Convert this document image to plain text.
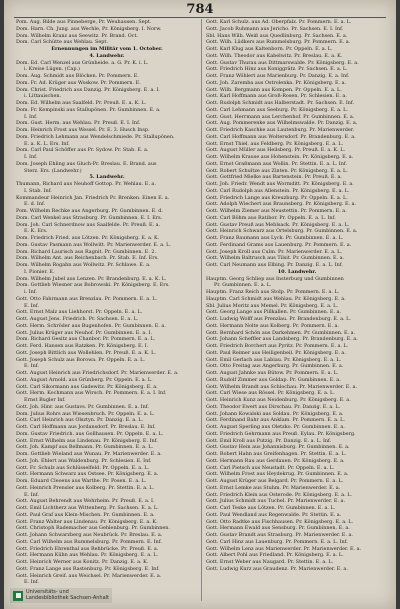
784
Pom. Aug. Bilde aus Pinneberge, Pr. Weuhausen. Sept.
Dom. Harn. Ch. Jung. aus Wechle, Pr. Königsberg. I. Norw.
Dom. Wilhelm Kranz aus Seewitz. Pr. Brand. Oct.
Dom. Carl Schütte aus Wehlau. Sept.
Ernennungen im Militär vom 1. October.
4. Landwehr.
Dom. Ed. Carl Wenzel aus Grünheide. a. G. Pr. K. i. L.
i. Kreise Lügen. (Cap.)
Dom. Aug. Schmidt aus Blöcken. Pr. Pommern. E.
Dom. Fr. Ad. Krüger aus Woskow. Pr. Pommern. E.
Dom. Christ. Friedrich aus Danzig. Pr. Königsberg. E. a. I.
i. Littauischen.
Dom. Ed. Wilhelm aus Saalfeld. Pr. Preuß. E. a. K. L.
Dom. Fr. Kempinski aus Stallupönen. Pr. Gumbinnen. E. a.
I. Inf.
Dom. Gust. Herm. aus Wehlau. Pr. Preuß. E. I. Inf.
Dom. Heinrich Frost aus Wessel. Pr. E. 3. Husch Insp.
Dom. Friedrich Lehmann aus Wendelschmiede. Pr. Stallupönen.
E. a. K. L. Ers. Inf.
Dom. Carl Paul Schöffer aus Pr. Sydow. Pr. Stab. E. a.
I. Inf.
Dom. Joseph Ehling aus Gluch-Pr. Breslau. E. Brand. aus
Sterz. Ers. (Landwehr.)
5. Landwehr.
Thumann, Richard aus Neuhoff Gottop. Pr. Wehlau. E. a.
I. Stab. Inf.
Kommandeur Heinrich Jan. Friedrich Pr. Brenken. Einen E. a.
E. d. Inf.
Pom. Wilhelm Rechke aus Angerburg. Pr. Gumbinnen. E. d.
Dom. Carl Wenkel aus Strasburg. Pr. Gumbinnen. E. I. Ers.
Dom. Joh. Carl Schnerdnow aus Saalfelde. Pr. Preuß. E. a.
E. K. Ers.
Dom. Friedrich Fried. aus Lötzen. Pr. Königsberg. E. a. K.
Dom. Gustav Pasmann aus Wollwitt. Pr. Marienwerder. E. a. L.
Dom. Richard Laurisch aus Ragnit. Pr. Gumbinnen. E. 2.
Dom. Wilhelm Ant. aus Reichenbach. Pr. Stab. E. Inf. Ers.
Dom. Wilhelm Rogahn aus Wollwitz. Pr. Schlawe. E. a.
I. Pionier. E.
Dom. Wilhelm Jubel aus Lenzen. Pr. Brandenburg. E. a. K. L.
Dom. Gottlieb Wiesner aus Bobrowski. Pr. Königsberg. E. Ers.
i. Inf.
Gott. Otto Fahrmann aus Brenzlau. Pr. Pommern. E. a. L.
E. Inf.
Gott. Ernst Malz aus Liehhorst. Pr. Oppeln. E. a. L.
Gott. August Jens. Friedrich. Pr. Sachsen. E. a. L.
Gott. Herm. Schröder aus Bugenhofen. Pr. Gumbinnen. E. a.
Gott. Julius Krüger aus Neuhof. Pr. Gumbinnen. E. a. I.
Dom. Richard Gesitz aus Chanbor. Pr. Pommern. E. a. L.
Gott. Ferd. Hansen aus Ratzken. Pr. Königsberg. E. I.
Gott. Joseph Bittlich aus Wollehlen. Pr. Preuß. E. a. K. L.
Gott. Joseph Schulz aus Borowa. Pr. Oppeln. E. a. L.
E. Inf.
Gott. August Heinrich aus Friedrichsdorf. Pr. Marienwerder. E. a.
Gott. August Arnold. aus Grünberg. Pr. Oppeln. E. a. L.
Gott. Carl Sikormann aus Gadewitz. Pr. Königsberg. E. a.
Gott. Herm. Kochmann aus Wirsch. Pr. Pommern. E. a. I. Inf.
Ernst Bugler Inf.
Gott. Joh. Hinr. aus Gustavs. Pr. Gumbinnen. E. a. Inf.
Dom. Julius Rohrs aus Wiesenbruch. Pr. Oppeln. E. a. L.
Gott. Carl Heinrich aus Olsztyn. Pr. Danzig. E. a. L.
Gott. Carl Hoffmann aus Jordansdorf. Pr. Breslau. E. Inf.
Dom. Gustav Friedrich. aus Gollhausen. Pr. Oppeln. E. a. L.
Gott. Ernst Wilhelm aus Lindenau. Pr. Königsberg. E. Inf.
Gott. Joh. Kampf aus Bellmann. Pr. Gumbinnen. E. a. L.
Dom. Gottlieb Wieland aus Wunau. Pr. Marienwerder. E. a.
Gott. Joh. Ehlert aus Waldenburg. Pr. Schlesien. E. Inf.
Gott. Fr. Schulz aus Schlüsselfeld. Pr. Oppeln. E. a. L.
Gott. Hermann Schwarz aus Ostsee. Pr. Königsberg. E. a.
Dom. Eduard Cleoens aus Warthe. Pr. Posen. E. a. L.
Gott. Heinrich Prensler aus Kolberg. Pr. Stettin. E. a. L.
E. Inf.
Gott. August Behrendt aus Wehrheim. Pr. Preuß. E. a. I.
Gott. Emil Lichtherz aus Wittenberg. Pr. Sachsen. E. a. L.
Gott. Paul Graf aus Klein-Mischen. Pr. Gumbinnen. E. a.
Gott. Franz Walter aus Lindenau. Pr. Königsberg. E. a. K.
Gott. Christoph Rademacher aus Gehlenburg. Pr. Gumbinnen.
Gott. Johann Schwarzberg aus Neubrück. Pr. Breslau. E. a.
Gott. Carl Wilhelm aus Rummelsburg. Pr. Pommern. E. Inf.
Gott. Friedrich Ehrenthal aus Rehbrücke. Pr. Preuß. E. a.
Gott. Hermann Kühn aus Wehlau. Pr. Königsberg. E. a. L.
Gott. Heinrich Werner aus Konitz. Pr. Danzig. E. a. K.
Gott. Franz Lange aus Rastenburg. Pr. Königsberg. E. Inf.
Gott. Heinrich Greif. aus Weichsel. Pr. Marienwerder. E. a.
E. Inf.
Gott. Karl Schulz. aus Ad. Oberpfalz. Pr. Pommern. E. a. L.
Gott. Jacob Ruhmann aus Jericho. Pr. Sachsen. E. I. Inf.
Sbl. Hans Wilh. Weiß aus Quedlinburg. Pr. Sachsen. E. a.
Gott. Wilh. Lüdkers aus Rummelsburg. Pr. Pommern. E. a.
Gott. Karl Klug aus Kaltenborn. Pr. Oppeln. E. a. L.
Gott. Wilh. Theodor aus Kabelwitz. Pr. Breslau. E. a. K.
Gott. Gustav Thurau aus Dittmarswalde. Pr. Königsberg. E. a.
Gott. Friedrich Hinz aus Koniggrätz. Pr. Sachsen. E. a. L.
Gott. Franz Wöhlert aus Marienburg. Pr. Danzig. E. a. Inf.
Gott. Joh. Zaremba aus Ostrolenka. Pr. Königsberg. E. a.
Gott. Wilh. Bergmann aus Kompen. Pr. Oppeln. E. a. L.
Gott. Karl Hoffmann aus Groß-Rosen. Pr. Schlesien. E. a.
Gott. Rudolph Schmidt aus Halberstadt. Pr. Sachsen. E. Inf.
Gott. Carl Lehmann aus Seeburg. Pr. Königsberg. E. a. L.
Gott. Gust. Herrmann aus Lerchenhof. Pr. Gumbinnen. E. a.
Gott. Aug. Pommerenke aus Wilhelmswalde. Pr. Danzig. E. a.
Gott. Friedrich Kaschke aus Lautenburg. Pr. Marienwerder.
Gott. Carl Hoffmann aus Woltersdorf. Pr. Brandenburg. E. a.
Gott. Ernst Thiel. aus Feldberg. Pr. Königsberg. E. a. L.
Gott. August Müller aus Heilsberg. Pr. Preuß. E. a. K. L.
Gott. Wilhelm Krause aus Hohenstein. Pr. Königsberg. E. a.
Gott. Ernst Graßmann aus Wollin. Pr. Stettin. E. a. L. Inf.
Gott. Robert Schultze aus Zinten. Pr. Königsberg. E. a. L.
Gott. Gottfried Mielke aus Bartenstein. Pr. Preuß. E. a.
Gott. Joh. Friedr. Wendt aus Wormditt. Pr. Königsberg. E. a.
Gott. Carl Rudolph aus Allenstein. Pr. Königsberg. E. a. L.
Gott. Friedrich Lange aus Kreuzburg. Pr. Oppeln. E. a. L.
Gott. Adolph Wiechert aus Braunsberg. Pr. Königsberg. E. a.
Gott. Wilhelm Ziemer aus Neustettin. Pr. Pommern. E. a.
Gott. Carl Böhm aus Ratibor. Pr. Oppeln. E. a. L. Inf.
Gott. Gustav Preuß aus Mehlsack. Pr. Königsberg. E. a. L.
Gott. Heinrich Schwarz aus Ortelsburg. Pr. Gumbinnen. E. a.
Gott. Franz Baumann aus Lyck. Pr. Gumbinnen. E. a. L.
Gott. Ferdinand Grams aus Lauenburg. Pr. Pommern. E. a.
Gott. Joseph Kroll aus Culm. Pr. Marienwerder. E. a. L.
Gott. Wilhelm Baltrusch aus Tilsit. Pr. Gumbinnen. E. a.
Gott. Carl Neumann aus Elbing. Pr. Danzig. E. a. L. Inf.
10. Landwehr.
Hauptm. Georg Schliep aus Insterburg und Gumbinnen
Pr. Gumbinnen. E. a. L.
Hauptm. Franz Reich aus Stolp. Pr. Pommern. E. a. L.
Hauptm. Carl Schmidt aus Wehlau. Pr. Königsberg. E. a.
Sbl. Julius Moritz aus Memel. Pr. Königsberg. E. a. L.
Gott. Georg Lange aus Pillkallen. Pr. Gumbinnen. E. a.
Gott. Ludwig Wolff aus Prenzlau. Pr. Brandenburg. E. a. L.
Gott. Hermann Nolte aus Kolberg. Pr. Pommern. E. a.
Gott. Bernhard Schön aus Darkehmen. Pr. Gumbinnen. E. a.
Gott. Johann Scheffler aus Landsberg. Pr. Brandenburg. E. a.
Gott. Friedrich Borchert aus Pyritz. Pr. Pommern. E. a. L.
Gott. Paul Reimer aus Heiligenbeil. Pr. Königsberg. E. a.
Gott. Emil Gerlach aus Labiau. Pr. Königsberg. E. a. L.
Gott. Otto Freitag aus Angerburg. Pr. Gumbinnen. E. a.
Gott. August Jahnke aus Bütow. Pr. Pommern. E. a. L.
Gott. Rudolf Zimmer aus Goldap. Pr. Gumbinnen. E. a.
Gott. Wilhelm Brandt aus Schlochau. Pr. Marienwerder. E. a.
Gott. Carl Wiese aus Rössel. Pr. Königsberg. E. a. L.
Gott. Heinrich Kunz aus Neidenburg. Pr. Königsberg. E. a.
Gott. Theodor Ewert aus Dirschau. Pr. Danzig. E. a. L.
Gott. Johann Kowalski aus Soldau. Pr. Königsberg. E. a.
Gott. Ferdinand Bahr aus Anklam. Pr. Pommern. E. a. L.
Gott. August Sperling aus Oletzko. Pr. Gumbinnen. E. a.
Gott. Friedrich Gehrmann aus Preuß. Eylau. Pr. Königsberg.
Gott. Emil Kroll aus Putzig. Pr. Danzig. E. a. L. Inf.
Gott. Gustav Hein aus Johannisburg. Pr. Gumbinnen. E. a.
Gott. Robert Hahn aus Greifenhagen. Pr. Stettin. E. a. L.
Gott. Hermann Rau aus Gerdauen. Pr. Königsberg. E. a.
Gott. Carl Pietsch aus Neustadt. Pr. Oppeln. E. a. L.
Gott. Wilhelm Frost aus Heydekrug. Pr. Gumbinnen. E. a.
Gott. August Krüger aus Belgard. Pr. Pommern. E. a. L.
Gott. Ernst Lemke aus Stuhm. Pr. Marienwerder. E. a.
Gott. Friedrich Klein aus Osterode. Pr. Königsberg. E. a. L.
Gott. Julius Schmidt aus Tuchel. Pr. Marienwerder. E. a.
Gott. Carl Teske aus Lötzen. Pr. Gumbinnen. E. a. L.
Gott. Paul Wendland aus Regenwalde. Pr. Stettin. E. a.
Gott. Otto Radtke aus Fischhausen. Pr. Königsberg. E. a. L.
Gott. Hermann Ewald aus Sensburg. Pr. Gumbinnen. E. a.
Gott. Gustav Brandt aus Strasburg. Pr. Marienwerder. E. a.
Gott. Carl Hinz aus Lauenburg. Pr. Pommern. E. a. L. Inf.
Gott. Wilhelm Lenz aus Marienwerder. Pr. Marienwerder. E. a.
Gott. Albert Pohl aus Friedland. Pr. Königsberg. E. a. L.
Gott. Ernst Weber aus Naugard. Pr. Stettin. E. a. L.
Gott. Ludwig Kurz aus Graudenz. Pr. Marienwerder. E. a.
Universitäts- und
Landesbibliothek Sachsen-Anhalt
